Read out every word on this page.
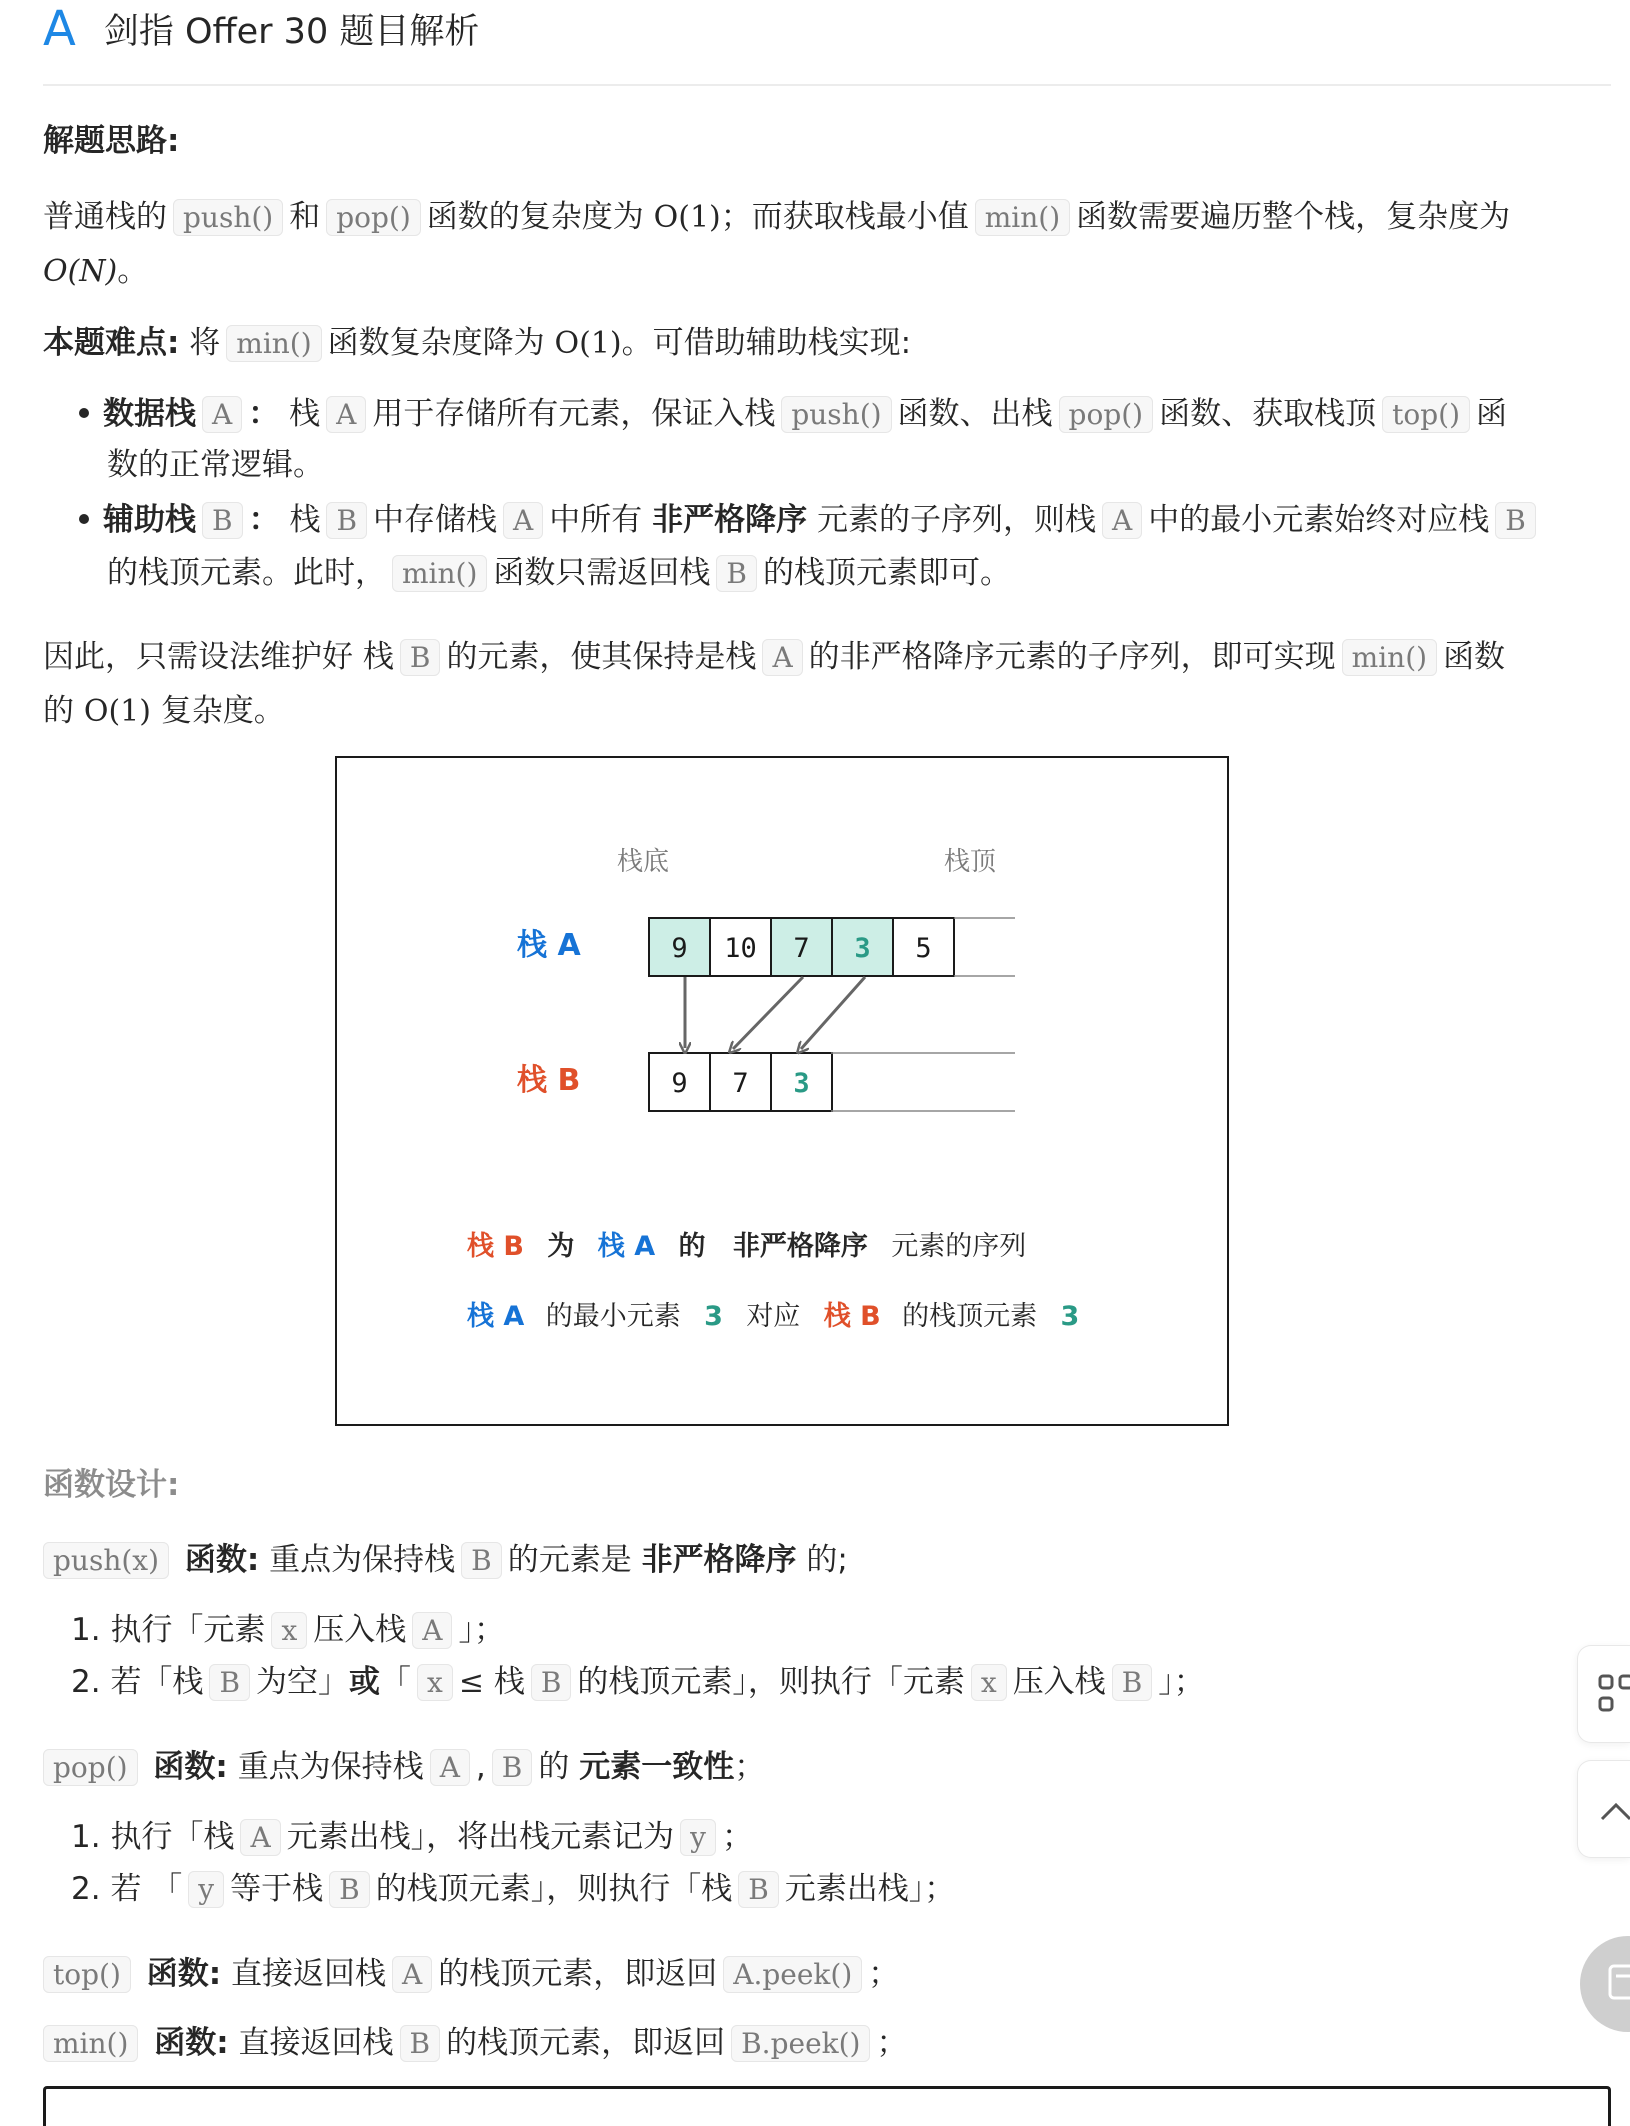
A 剑指 Offer 30 题目解析
解题思路:
普通栈的 push() 和 pop() 函数的复杂度为 O(1)；而获取栈最小值 min() 函数需要遍历整个栈，复杂度为
O(N)。
本题难点: 将 min() 函数复杂度降为 O(1)。可借助辅助栈实现:
数据栈 A ： 栈 A 用于存储所有元素，保证入栈 push() 函数、出栈 pop() 函数、获取栈顶 top() 函
数的正常逻辑。
辅助栈 B ： 栈 B 中存储栈 A 中所有 非严格降序 元素的子序列，则栈 A 中的最小元素始终对应栈 B
的栈顶元素。此时， min() 函数只需返回栈 B 的栈顶元素即可。
因此，只需设法维护好 栈 B 的元素，使其保持是栈 A 的非严格降序元素的子序列，即可实现 min() 函数
的 O(1) 复杂度。
函数设计:
push(x) 函数: 重点为保持栈 B 的元素是 非严格降序 的;
1. 执行「元素 x 压入栈 A 」；
2. 若「栈 B 为空」或「 x ≤ 栈 B 的栈顶元素」，则执行「元素 x 压入栈 B 」；
pop() 函数: 重点为保持栈 A , B 的 元素一致性；
1. 执行「栈 A 元素出栈」，将出栈元素记为 y ；
2. 若 「 y 等于栈 B 的栈顶元素」，则执行「栈 B 元素出栈」；
top() 函数: 直接返回栈 A 的栈顶元素，即返回 A.peek() ；
min() 函数: 直接返回栈 B 的栈顶元素，即返回 B.peek() ；
栈底	栈顶
栈 A
栈 B
9 10 7 3 5
9 7 3
栈 B 为 栈 A 的 非严格降序 元素的序列
栈 A 的最小元素 3 对应 栈 B 的栈顶元素 3
